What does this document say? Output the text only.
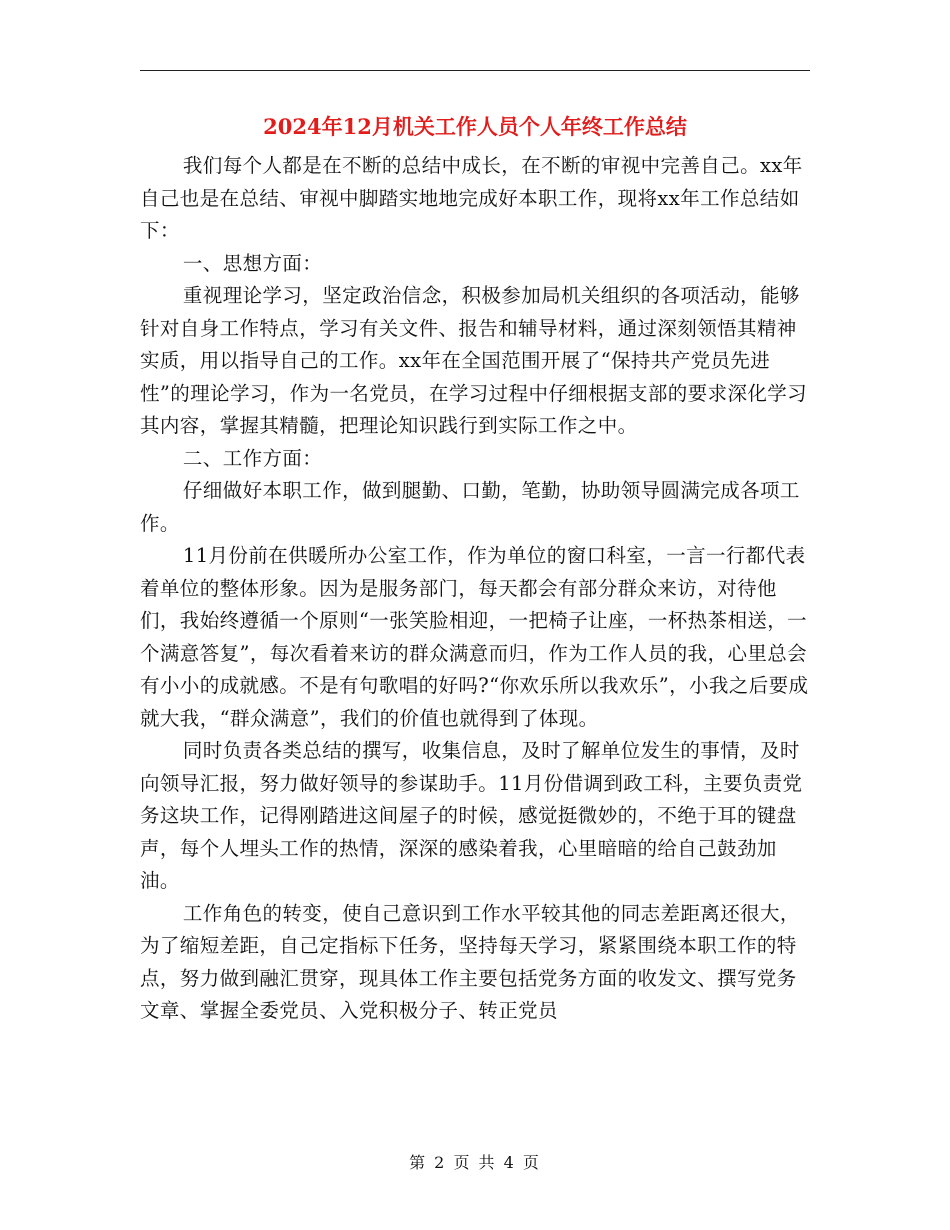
2024年12月机关工作人员个人年终工作总结

我们每个人都是在不断的总结中成长，在不断的审视中完善自己。xx年自己也是在总结、审视中脚踏实地地完成好本职工作，现将xx年工作总结如下：

一、思想方面：

重视理论学习，坚定政治信念，积极参加局机关组织的各项活动，能够针对自身工作特点，学习有关文件、报告和辅导材料，通过深刻领悟其精神实质，用以指导自己的工作。xx年在全国范围开展了“保持共产党员先进性”的理论学习，作为一名党员，在学习过程中仔细根据支部的要求深化学习其内容，掌握其精髓，把理论知识践行到实际工作之中。

二、工作方面：

仔细做好本职工作，做到腿勤、口勤，笔勤，协助领导圆满完成各项工作。

11月份前在供暖所办公室工作，作为单位的窗口科室，一言一行都代表着单位的整体形象。因为是服务部门，每天都会有部分群众来访，对待他们，我始终遵循一个原则“一张笑脸相迎，一把椅子让座，一杯热茶相送，一个满意答复”，每次看着来访的群众满意而归，作为工作人员的我，心里总会有小小的成就感。不是有句歌唱的好吗?“你欢乐所以我欢乐”，小我之后要成就大我，“群众满意”，我们的价值也就得到了体现。

同时负责各类总结的撰写，收集信息，及时了解单位发生的事情，及时向领导汇报，努力做好领导的参谋助手。11月份借调到政工科，主要负责党务这块工作，记得刚踏进这间屋子的时候，感觉挺微妙的，不绝于耳的键盘声，每个人埋头工作的热情，深深的感染着我，心里暗暗的给自己鼓劲加油。

工作角色的转变，使自己意识到工作水平较其他的同志差距离还很大，为了缩短差距，自己定指标下任务，坚持每天学习，紧紧围绕本职工作的特点，努力做到融汇贯穿，现具体工作主要包括党务方面的收发文、撰写党务文章、掌握全委党员、入党积极分子、转正党员

第 2 页 共 4 页
